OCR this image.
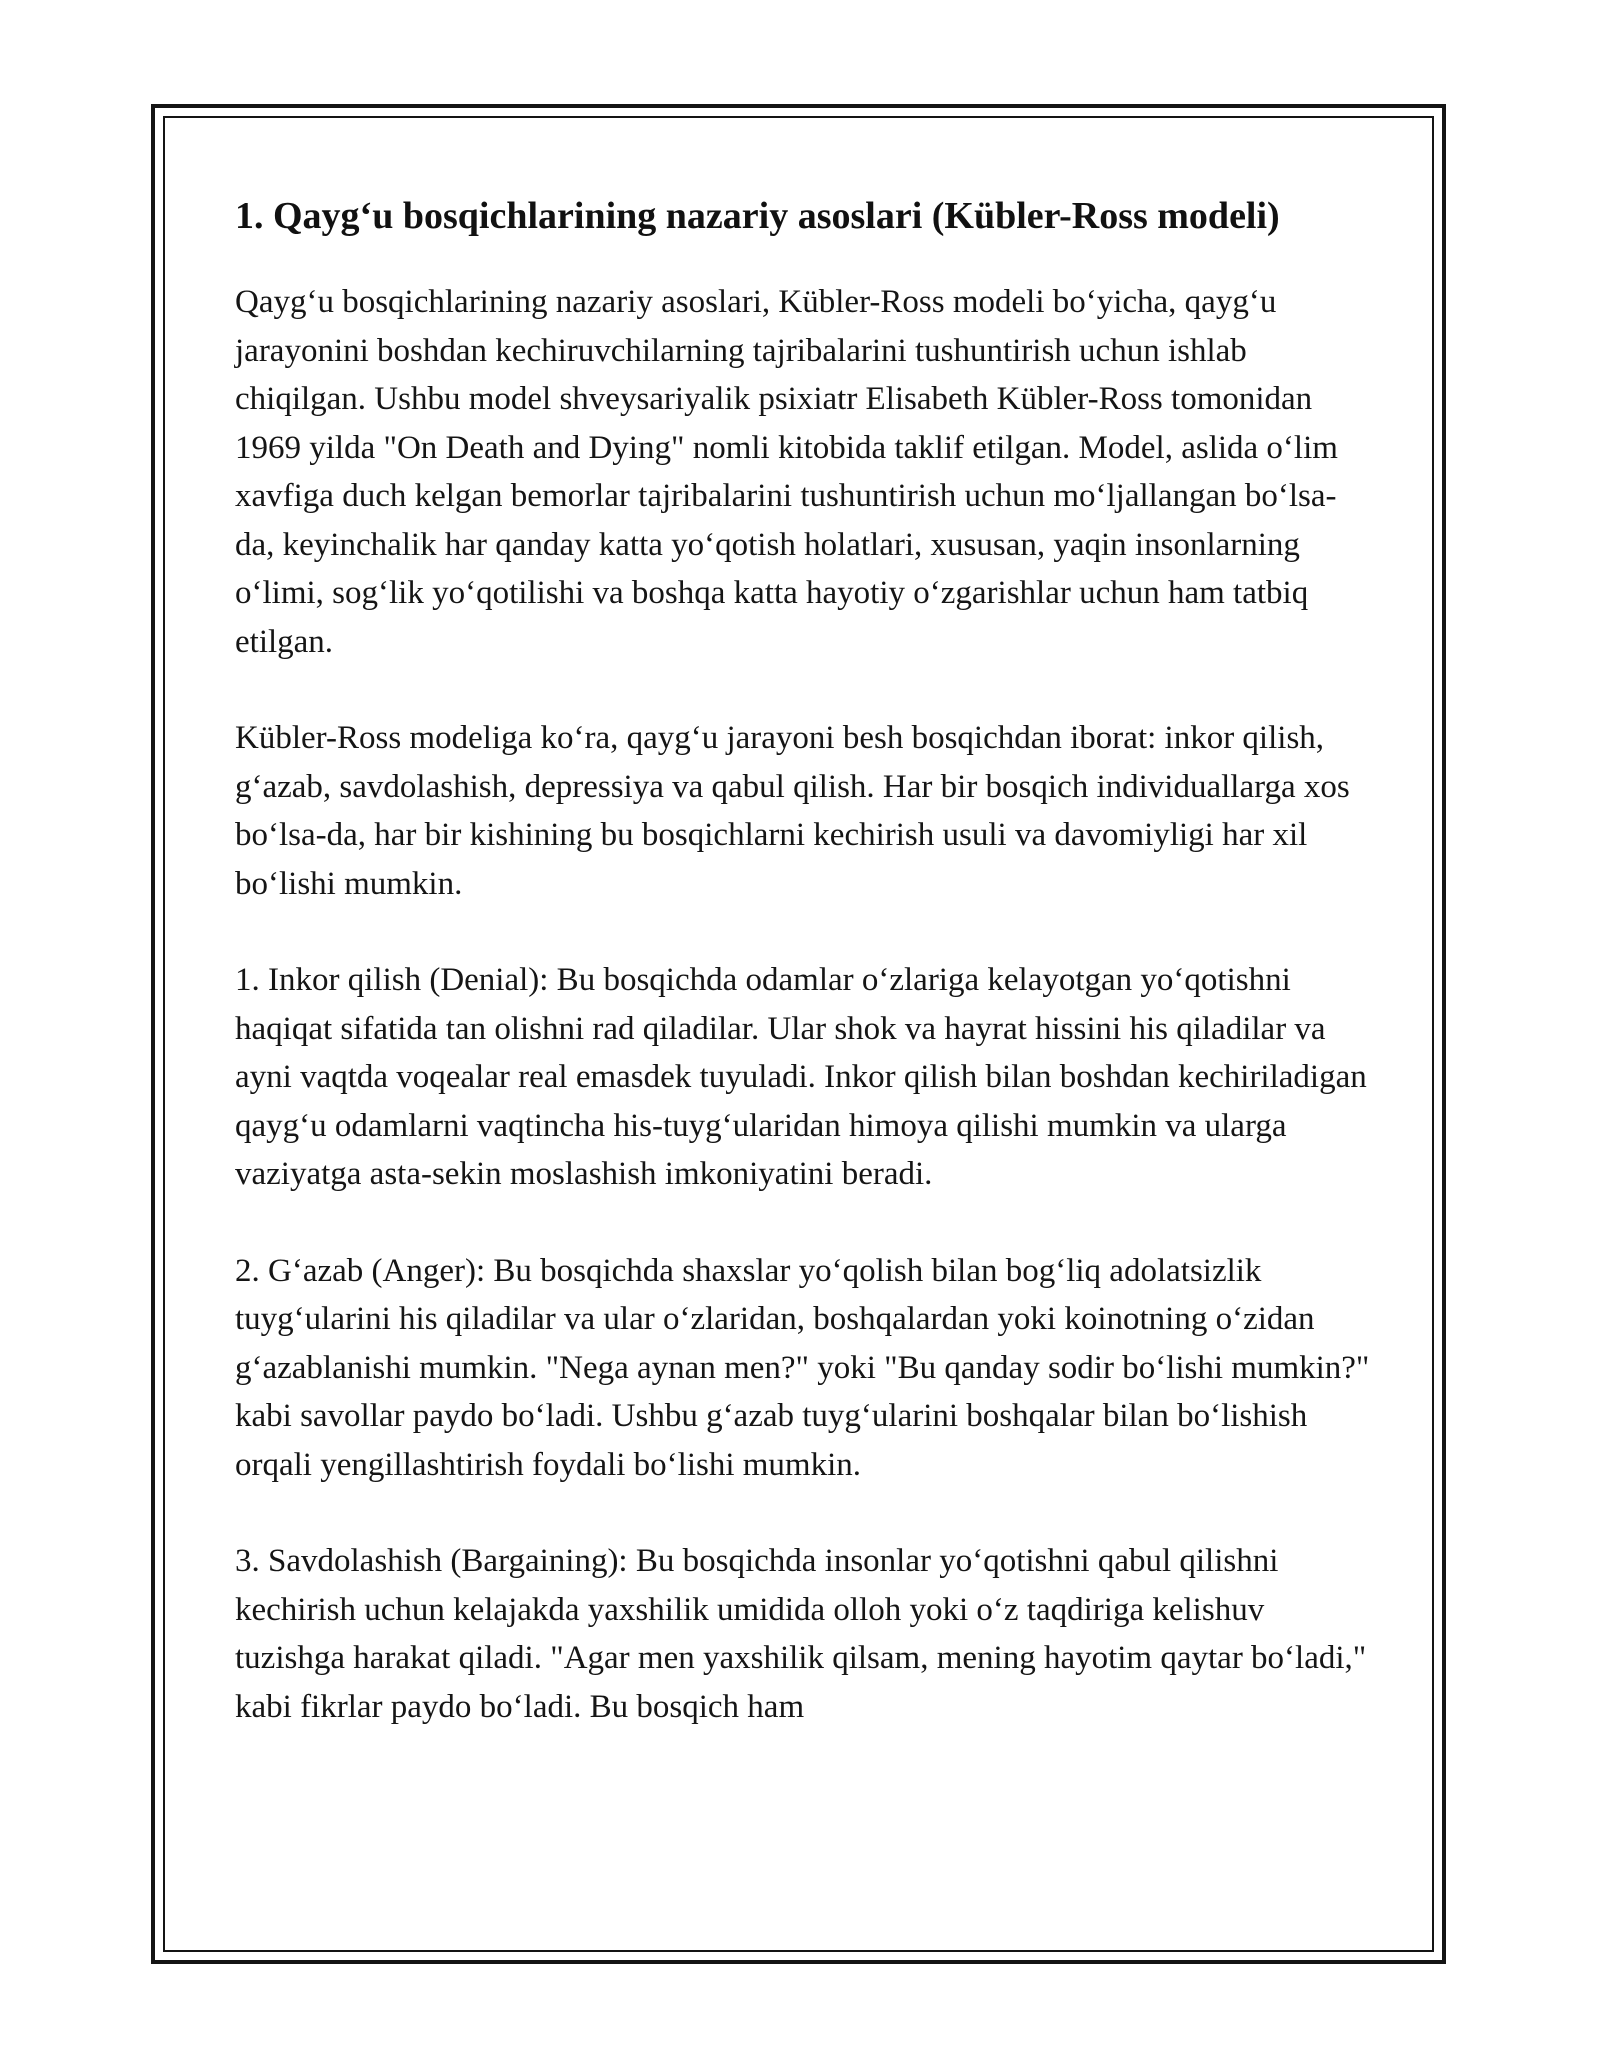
1. Qayg‘u bosqichlarining nazariy asoslari (Kübler-Ross modeli)

Qayg‘u bosqichlarining nazariy asoslari, Kübler-Ross modeli bo‘yicha, qayg‘u jarayonini boshdan kechiruvchilarning tajribalarini tushuntirish uchun ishlab chiqilgan. Ushbu model shveysariyalik psixiatr Elisabeth Kübler-Ross tomonidan 1969 yilda "On Death and Dying" nomli kitobida taklif etilgan. Model, aslida o‘lim xavfiga duch kelgan bemorlar tajribalarini tushuntirish uchun mo‘ljallangan bo‘lsa-da, keyinchalik har qanday katta yo‘qotish holatlari, xususan, yaqin insonlarning o‘limi, sog‘lik yo‘qotilishi va boshqa katta hayotiy o‘zgarishlar uchun ham tatbiq etilgan.

Kübler-Ross modeliga ko‘ra, qayg‘u jarayoni besh bosqichdan iborat: inkor qilish, g‘azab, savdolashish, depressiya va qabul qilish. Har bir bosqich individuallarga xos bo‘lsa-da, har bir kishining bu bosqichlarni kechirish usuli va davomiyligi har xil bo‘lishi mumkin.

1. Inkor qilish (Denial): Bu bosqichda odamlar o‘zlariga kelayotgan yo‘qotishni haqiqat sifatida tan olishni rad qiladilar. Ular shok va hayrat hissini his qiladilar va ayni vaqtda voqealar real emasdek tuyuladi. Inkor qilish bilan boshdan kechiriladigan qayg‘u odamlarni vaqtincha his-tuyg‘ularidan himoya qilishi mumkin va ularga vaziyatga asta-sekin moslashish imkoniyatini beradi.

2. G‘azab (Anger): Bu bosqichda shaxslar yo‘qolish bilan bog‘liq adolatsizlik tuyg‘ularini his qiladilar va ular o‘zlaridan, boshqalardan yoki koinotning o‘zidan g‘azablanishi mumkin. "Nega aynan men?" yoki "Bu qanday sodir bo‘lishi mumkin?" kabi savollar paydo bo‘ladi. Ushbu g‘azab tuyg‘ularini boshqalar bilan bo‘lishish orqali yengillashtirish foydali bo‘lishi mumkin.

3. Savdolashish (Bargaining): Bu bosqichda insonlar yo‘qotishni qabul qilishni kechirish uchun kelajakda yaxshilik umidida olloh yoki o‘z taqdiriga kelishuv tuzishga harakat qiladi. "Agar men yaxshilik qilsam, mening hayotim qaytar bo‘ladi," kabi fikrlar paydo bo‘ladi. Bu bosqich ham
